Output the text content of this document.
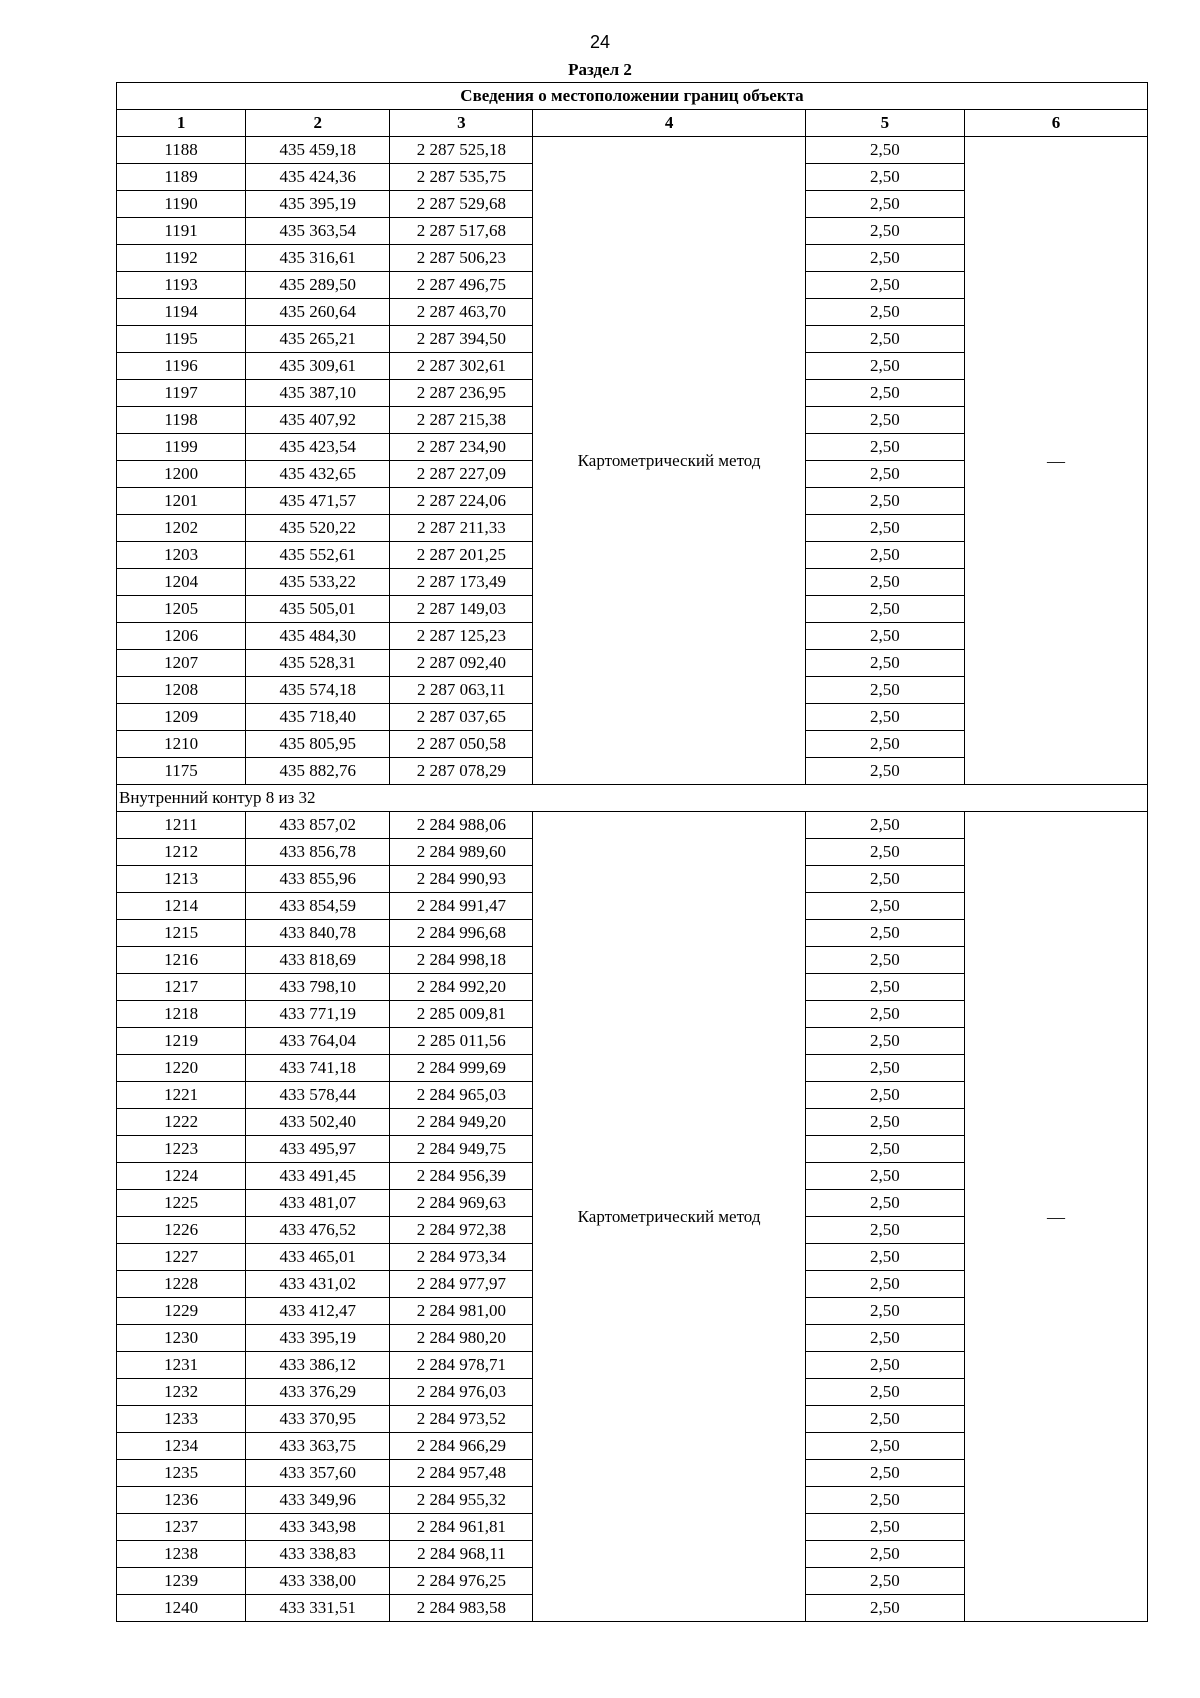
24
Раздел 2
Сведения о местоположении границ объекта					
1	2	3	4	5	6
1188	435 459,18	2 287 525,18	Картометрический метод	2,50	—
1189	435 424,36	2 287 535,75		2,50	
1190	435 395,19	2 287 529,68		2,50	
1191	435 363,54	2 287 517,68		2,50	
1192	435 316,61	2 287 506,23		2,50	
1193	435 289,50	2 287 496,75		2,50	
1194	435 260,64	2 287 463,70		2,50	
1195	435 265,21	2 287 394,50		2,50	
1196	435 309,61	2 287 302,61		2,50	
1197	435 387,10	2 287 236,95		2,50	
1198	435 407,92	2 287 215,38		2,50	
1199	435 423,54	2 287 234,90		2,50	
1200	435 432,65	2 287 227,09		2,50	
1201	435 471,57	2 287 224,06		2,50	
1202	435 520,22	2 287 211,33		2,50	
1203	435 552,61	2 287 201,25		2,50	
1204	435 533,22	2 287 173,49		2,50	
1205	435 505,01	2 287 149,03		2,50	
1206	435 484,30	2 287 125,23		2,50	
1207	435 528,31	2 287 092,40		2,50	
1208	435 574,18	2 287 063,11		2,50	
1209	435 718,40	2 287 037,65		2,50	
1210	435 805,95	2 287 050,58		2,50	
1175	435 882,76	2 287 078,29		2,50	
Внутренний контур 8 из 32					
1211	433 857,02	2 284 988,06	Картометрический метод	2,50	—
1212	433 856,78	2 284 989,60		2,50	
1213	433 855,96	2 284 990,93		2,50	
1214	433 854,59	2 284 991,47		2,50	
1215	433 840,78	2 284 996,68		2,50	
1216	433 818,69	2 284 998,18		2,50	
1217	433 798,10	2 284 992,20		2,50	
1218	433 771,19	2 285 009,81		2,50	
1219	433 764,04	2 285 011,56		2,50	
1220	433 741,18	2 284 999,69		2,50	
1221	433 578,44	2 284 965,03		2,50	
1222	433 502,40	2 284 949,20		2,50	
1223	433 495,97	2 284 949,75		2,50	
1224	433 491,45	2 284 956,39		2,50	
1225	433 481,07	2 284 969,63		2,50	
1226	433 476,52	2 284 972,38		2,50	
1227	433 465,01	2 284 973,34		2,50	
1228	433 431,02	2 284 977,97		2,50	
1229	433 412,47	2 284 981,00		2,50	
1230	433 395,19	2 284 980,20		2,50	
1231	433 386,12	2 284 978,71		2,50	
1232	433 376,29	2 284 976,03		2,50	
1233	433 370,95	2 284 973,52		2,50	
1234	433 363,75	2 284 966,29		2,50	
1235	433 357,60	2 284 957,48		2,50	
1236	433 349,96	2 284 955,32		2,50	
1237	433 343,98	2 284 961,81		2,50	
1238	433 338,83	2 284 968,11		2,50	
1239	433 338,00	2 284 976,25		2,50	
1240	433 331,51	2 284 983,58		2,50	
